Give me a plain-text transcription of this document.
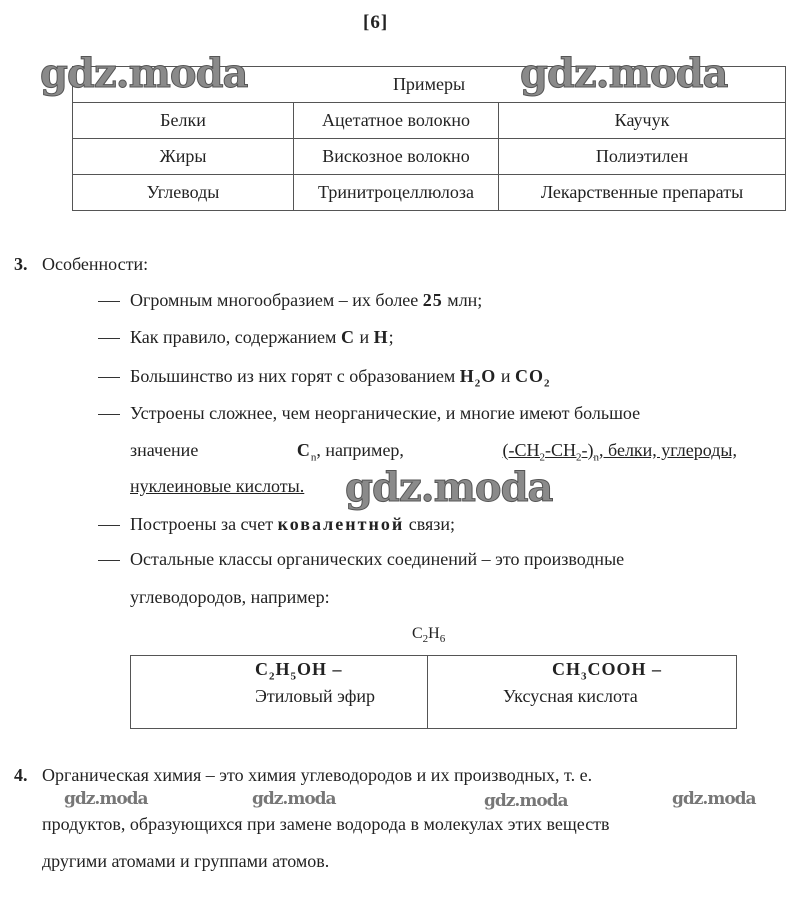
[6]
Примеры		
Белки	Ацетатное волокно	Каучук
Жиры	Вискозное волокно	Полиэтилен
Углеводы	Тринитроцеллюлоза	Лекарственные препараты
3. Особенности:
Огромным многообразием – их более 25 млн;
Как правило, содержанием C и H;
Большинство из них горят с образованием $H_2O$ и $CO_2$
Устроены сложнее, чем неорганические, и многие имеют большое
значение	$C_n$, например,	$(-CH_2-CH_2-)_n$, белки, углероды,
нуклеиновые кислоты.
Построены за счет ковалентной связи;
Остальные классы органических соединений – это производные
углеводородов, например:
$C_2H_6$
$C_2H_5OH$ –
Этиловый эфир

$CH_3COOH$ –
Уксусная кислота
4. Органическая химия – это химия углеводородов и их производных, т. е.
продуктов, образующихся при замене водорода в молекулах этих веществ
другими атомами и группами атомов.
gdz.moda	gdz.moda
gdz.moda
gdz.moda	gdz.moda	gdz.moda	gdz.moda
